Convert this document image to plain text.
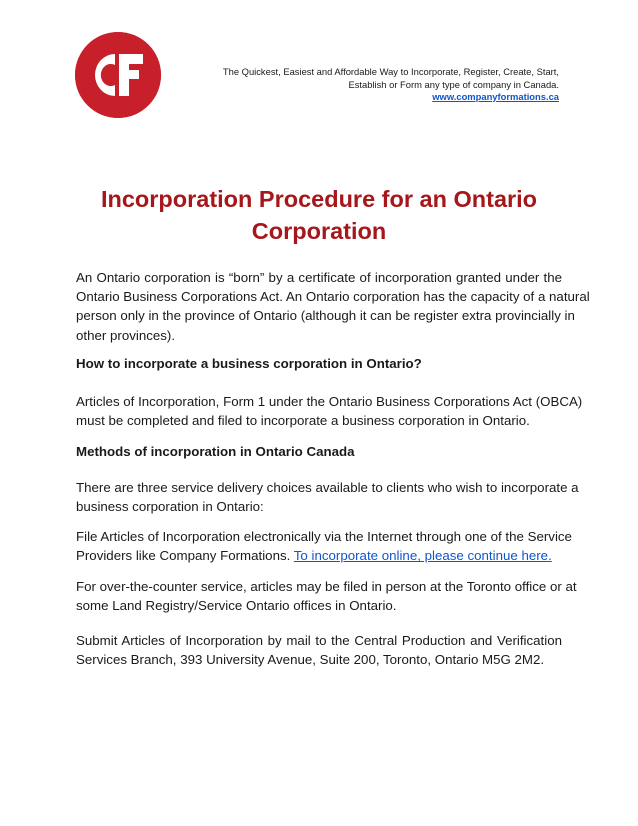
The Quickest, Easiest and Affordable Way to Incorporate, Register, Create, Start,
Establish or Form any type of company in Canada.
www.companyformations.ca
Incorporation Procedure for an Ontario
Corporation

An Ontario corporation is “born” by a certificate of incorporation granted under the
Ontario Business Corporations Act. An Ontario corporation has the capacity of a natural
person only in the province of Ontario (although it can be register extra provincially in
other provinces).

How to incorporate a business corporation in Ontario?

Articles of Incorporation, Form 1 under the Ontario Business Corporations Act (OBCA)
must be completed and filed to incorporate a business corporation in Ontario.

Methods of incorporation in Ontario Canada

There are three service delivery choices available to clients who wish to incorporate a
business corporation in Ontario:

File Articles of Incorporation electronically via the Internet through one of the Service
Providers like Company Formations. To incorporate online, please continue here.

For over-the-counter service, articles may be filed in person at the Toronto office or at
some Land Registry/Service Ontario offices in Ontario.

Submit Articles of Incorporation by mail to the Central Production and Verification
Services Branch, 393 University Avenue, Suite 200, Toronto, Ontario M5G 2M2.
